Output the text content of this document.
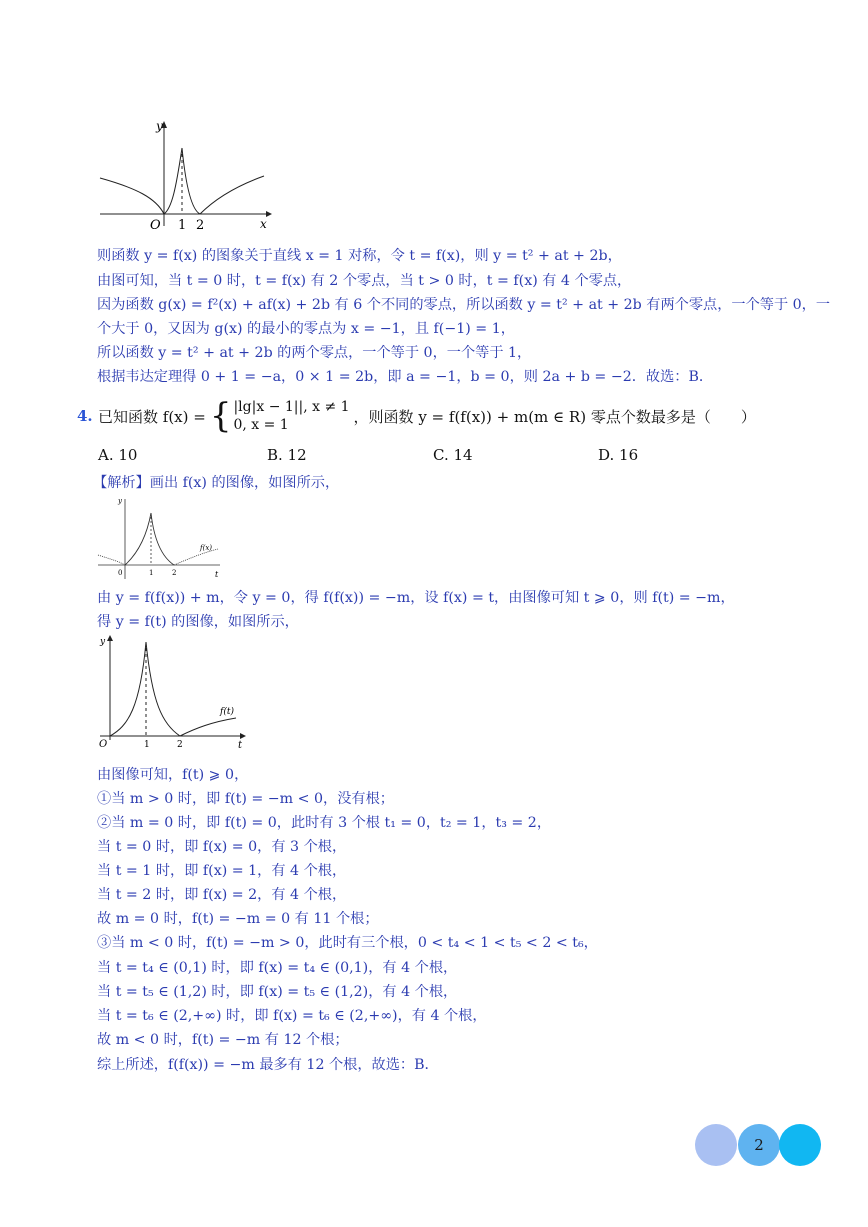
y
x
O 1 2
则函数 y = f(x) 的图象关于直线 x = 1 对称，令 t = f(x)，则 y = t² + at + 2b，
由图可知，当 t = 0 时，t = f(x) 有 2 个零点，当 t > 0 时，t = f(x) 有 4 个零点，
因为函数 g(x) = f²(x) + af(x) + 2b 有 6 个不同的零点，所以函数 y = t² + at + 2b 有两个零点，一个等于 0，一
个大于 0，又因为 g(x) 的最小的零点为 x = −1，且 f(−1) = 1，
所以函数 y = t² + at + 2b 的两个零点，一个等于 0，一个等于 1，
根据韦达定理得 0 + 1 = −a，0 × 1 = 2b，即 a = −1，b = 0，则 2a + b = −2．故选：B．
4. 已知函数 f(x) = { |lg|x − 1||, x ≠ 1
0, x = 1	，则函数 y = f(f(x)) + m(m ∈ R) 零点个数最多是（　　）
A. 10	B. 12	C. 14	D. 16
【解析】画出 f(x) 的图像，如图所示，
y
t
0	1	2
f(x)
由 y = f(f(x)) + m，令 y = 0，得 f(f(x)) = −m，设 f(x) = t，由图像可知 t ⩾ 0，则 f(t) = −m，
得 y = f(t) 的图像，如图所示，
y
t
O	1	2
f(t)
由图像可知，f(t) ⩾ 0，
①当 m > 0 时，即 f(t) = −m < 0，没有根；
②当 m = 0 时，即 f(t) = 0，此时有 3 个根 t₁ = 0，t₂ = 1，t₃ = 2，
当 t = 0 时，即 f(x) = 0，有 3 个根，
当 t = 1 时，即 f(x) = 1，有 4 个根，
当 t = 2 时，即 f(x) = 2，有 4 个根，
故 m = 0 时，f(t) = −m = 0 有 11 个根；
③当 m < 0 时，f(t) = −m > 0，此时有三个根，0 < t₄ < 1 < t₅ < 2 < t₆，
当 t = t₄ ∈ (0,1) 时，即 f(x) = t₄ ∈ (0,1)，有 4 个根，
当 t = t₅ ∈ (1,2) 时，即 f(x) = t₅ ∈ (1,2)，有 4 个根，
当 t = t₆ ∈ (2,+∞) 时，即 f(x) = t₆ ∈ (2,+∞)，有 4 个根，
故 m < 0 时，f(t) = −m 有 12 个根；
综上所述，f(f(x)) = −m 最多有 12 个根，故选：B．
2
